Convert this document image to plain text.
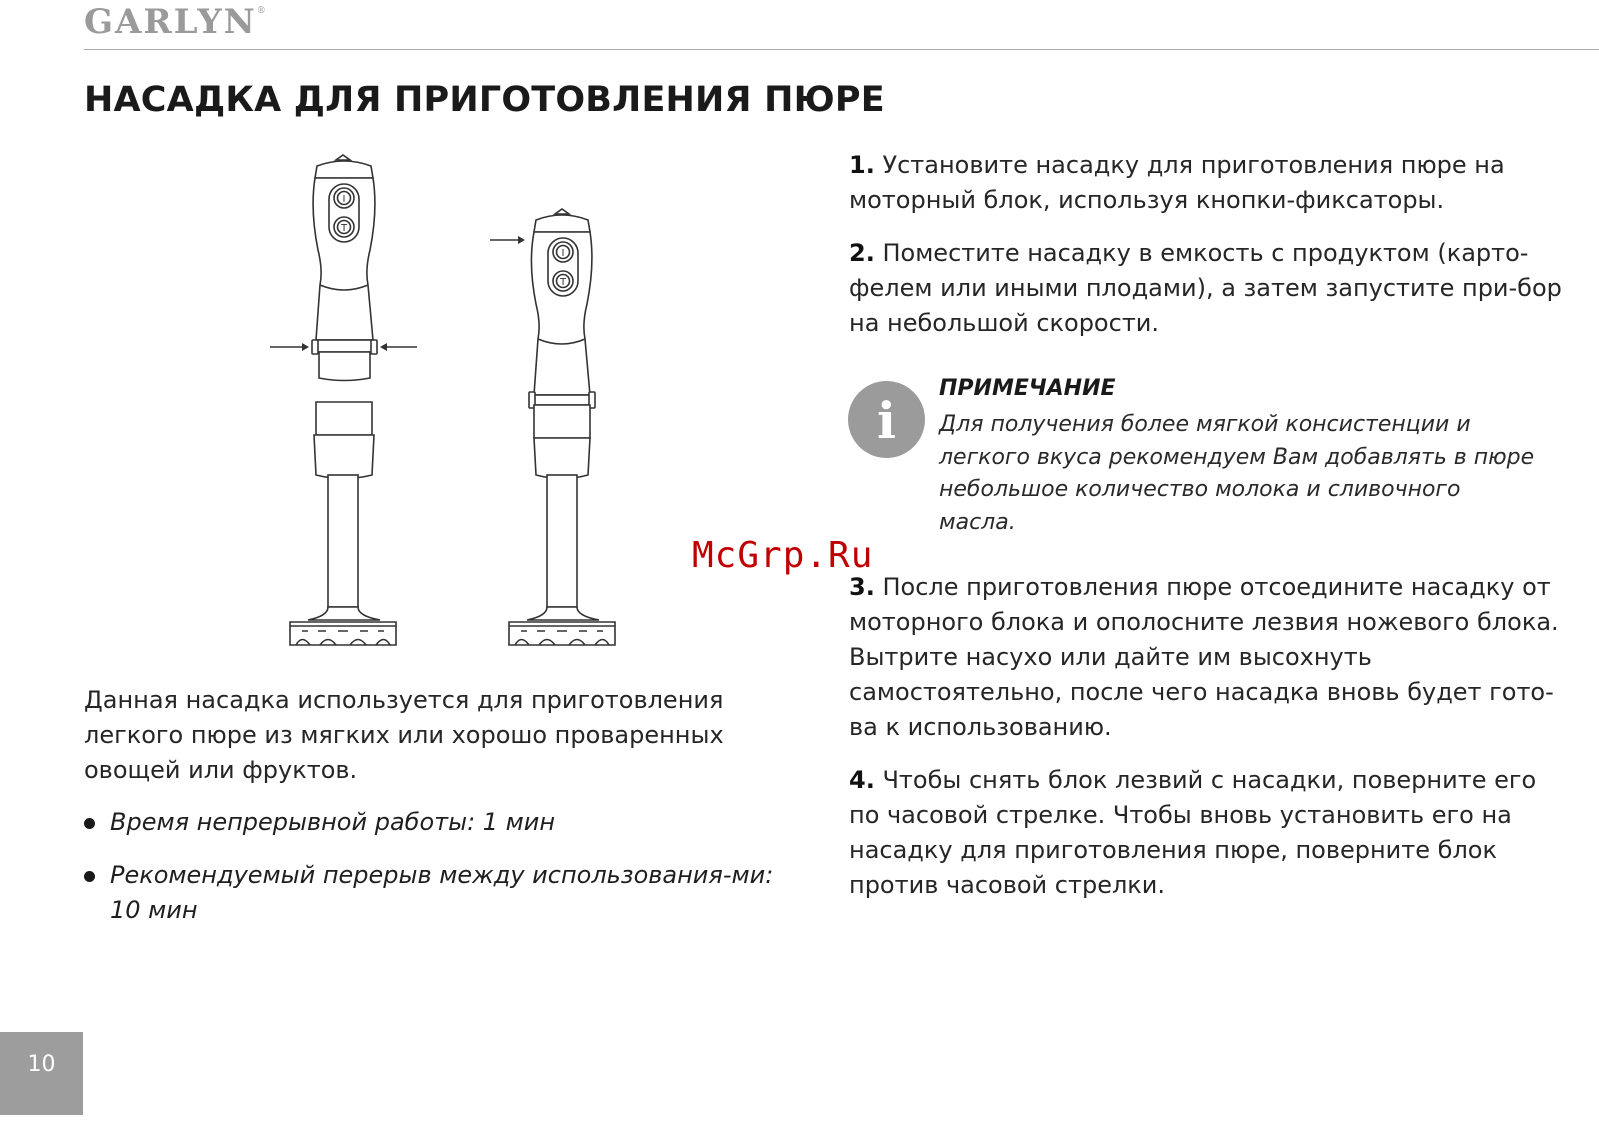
GARLYN®
НАСАДКА ДЛЯ ПРИГОТОВЛЕНИЯ ПЮРЕ
I
T
I
T

Данная насадка используется для приготовления легкого пюре из мягких или хорошо проваренных овощей или фруктов.

Время непрерывной работы: 1 мин
Рекомендуемый перерыв между использования-ми: 10 мин

1. Установите насадку для приготовления пюре на моторный блок, используя кнопки-фиксаторы.

2. Поместите насадку в емкость с продуктом (карто-фелем или иными плодами), а затем запустите при-бор на небольшой скорости.

i
ПРИМЕЧАНИЕ

Для получения более мягкой консистенции и легкого вкуса рекомендуем Вам добавлять в пюре небольшое количество молока и сливочного масла.

McGrp.Ru

3. После приготовления пюре отсоедините насадку от моторного блока и ополосните лезвия ножевого блока. Вытрите насухо или дайте им высохнуть самостоятельно, после чего насадка вновь будет гото-ва к использованию.

4. Чтобы снять блок лезвий с насадки, поверните его по часовой стрелке. Чтобы вновь установить его на насадку для приготовления пюре, поверните блок против часовой стрелки.

10
